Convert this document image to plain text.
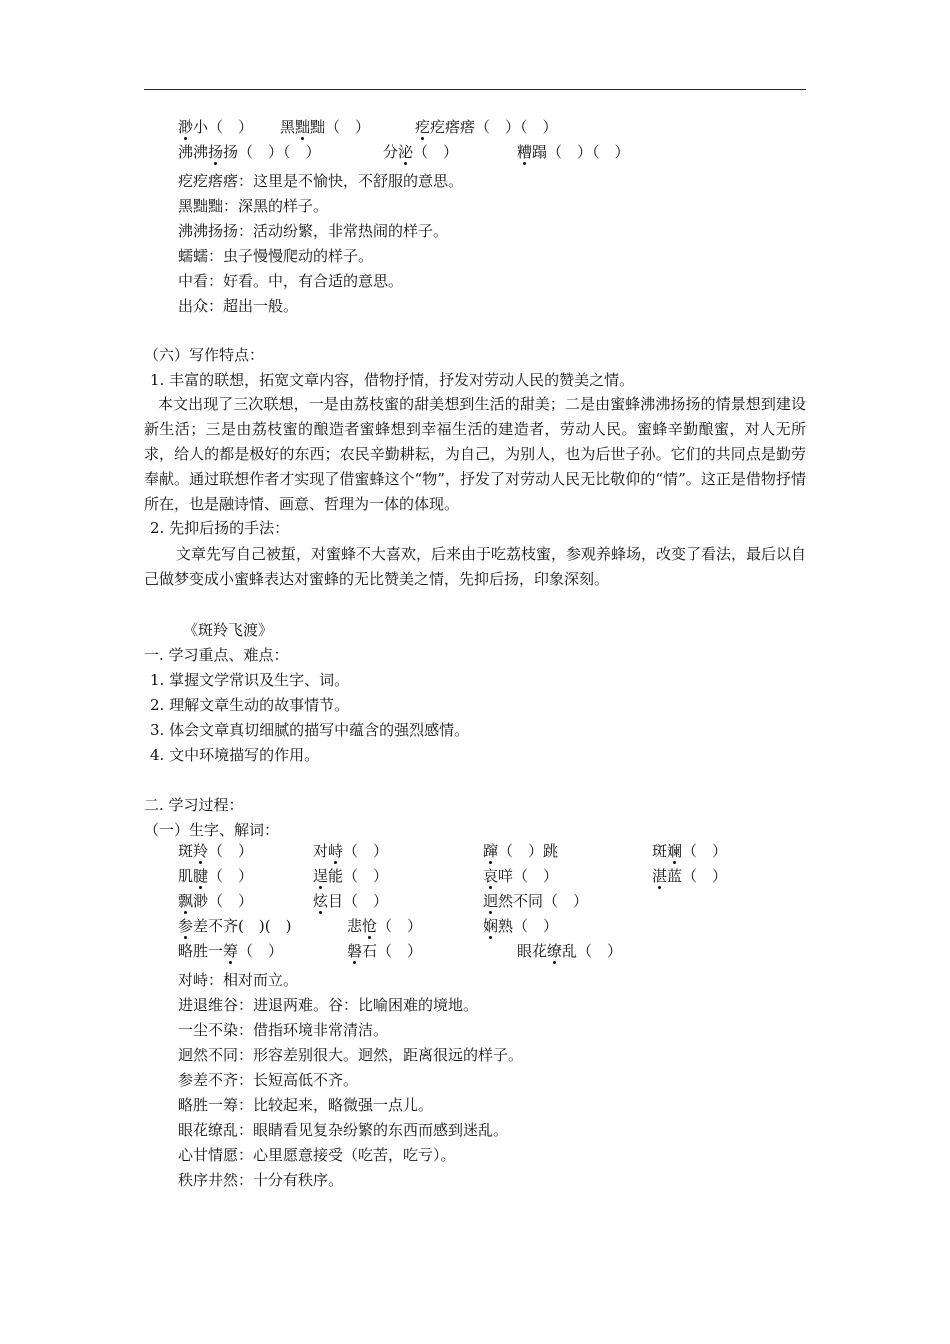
渺小（　） 黑黜黜（　）	疙疙瘩瘩（　）（　）
沸沸扬扬（　）（　）	分泌（　）	糟蹋（　）（　）
疙疙瘩瘩：这里是不愉快，不舒服的意思。
黑黜黜：深黑的样子。
沸沸扬扬：活动纷繁，非常热闹的样子。
蠕蠕：虫子慢慢爬动的样子。
中看：好看。中，有合适的意思。
出众：超出一般。
（六）写作特点：
1. 丰富的联想，拓宽文章内容，借物抒情，抒发对劳动人民的赞美之情。
本文出现了三次联想，一是由荔枝蜜的甜美想到生活的甜美；二是由蜜蜂沸沸扬扬的情景想到建设新生活；三是由荔枝蜜的酿造者蜜蜂想到幸福生活的建造者，劳动人民。蜜蜂辛勤酿蜜，对人无所求，给人的都是极好的东西；农民辛勤耕耘，为自己，为别人，也为后世子孙。它们的共同点是勤劳奉献。通过联想作者才实现了借蜜蜂这个“物”，抒发了对劳动人民无比敬仰的“情”。这正是借物抒情所在，也是融诗情、画意、哲理为一体的体现。
2. 先抑后扬的手法：
文章先写自己被蜇，对蜜蜂不大喜欢，后来由于吃荔枝蜜，参观养蜂场，改变了看法，最后以自己做梦变成小蜜蜂表达对蜜蜂的无比赞美之情，先抑后扬，印象深刻。
《斑羚飞渡》
一. 学习重点、难点：
1. 掌握文学常识及生字、词。
2. 理解文章生动的故事情节。
3. 体会文章真切细腻的描写中蕴含的强烈感情。
4. 文中环境描写的作用。
二. 学习过程：
（一）生字、解词：
斑羚（　）	对峙（　）	蹿（　）跳	斑斓（　）
肌腱（　）	逞能（　）	哀咩（　）	湛蓝（　）
飘渺（　）	炫目（　）	迥然不同（　）
参差不齐(　)(　)	悲怆（　）	娴熟（　）
略胜一筹（　）	磐石（　）	眼花缭乱（　）
对峙：相对而立。
进退维谷：进退两难。谷：比喻困难的境地。
一尘不染：借指环境非常清洁。
迥然不同：形容差别很大。迥然，距离很远的样子。
参差不齐：长短高低不齐。
略胜一筹：比较起来，略微强一点儿。
眼花缭乱：眼睛看见复杂纷繁的东西而感到迷乱。
心甘情愿：心里愿意接受（吃苦，吃亏）。
秩序井然：十分有秩序。
